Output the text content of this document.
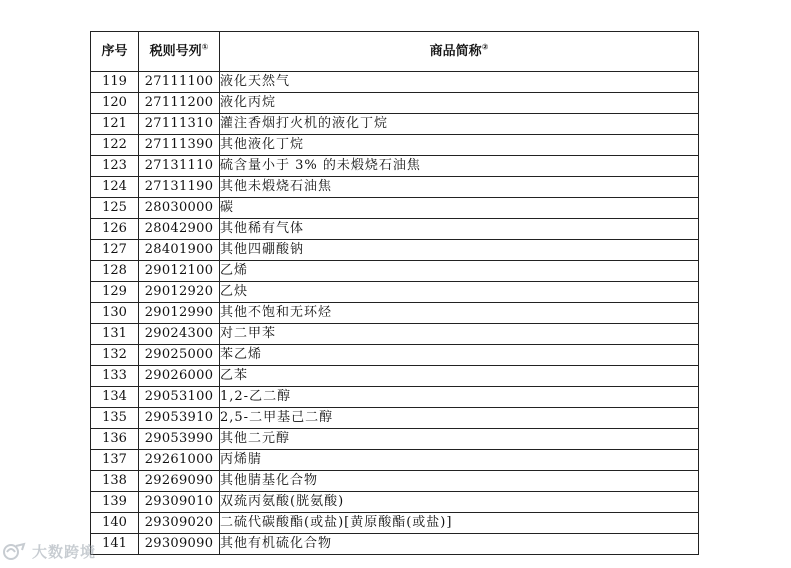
序号	税则号列①	商品简称②
119	27111100	液化天然气
120	27111200	液化丙烷
121	27111310	灌注香烟打火机的液化丁烷
122	27111390	其他液化丁烷
123	27131110	硫含量小于 3% 的未煅烧石油焦
124	27131190	其他未煅烧石油焦
125	28030000	碳
126	28042900	其他稀有气体
127	28401900	其他四硼酸钠
128	29012100	乙烯
129	29012920	乙炔
130	29012990	其他不饱和无环烃
131	29024300	对二甲苯
132	29025000	苯乙烯
133	29026000	乙苯
134	29053100	1,2-乙二醇
135	29053910	2,5-二甲基己二醇
136	29053990	其他二元醇
137	29261000	丙烯腈
138	29269090	其他腈基化合物
139	29309010	双巯丙氨酸(胱氨酸)
140	29309020	二硫代碳酸酯(或盐)[黄原酸酯(或盐)]
141	29309090	其他有机硫化合物
大数跨境
